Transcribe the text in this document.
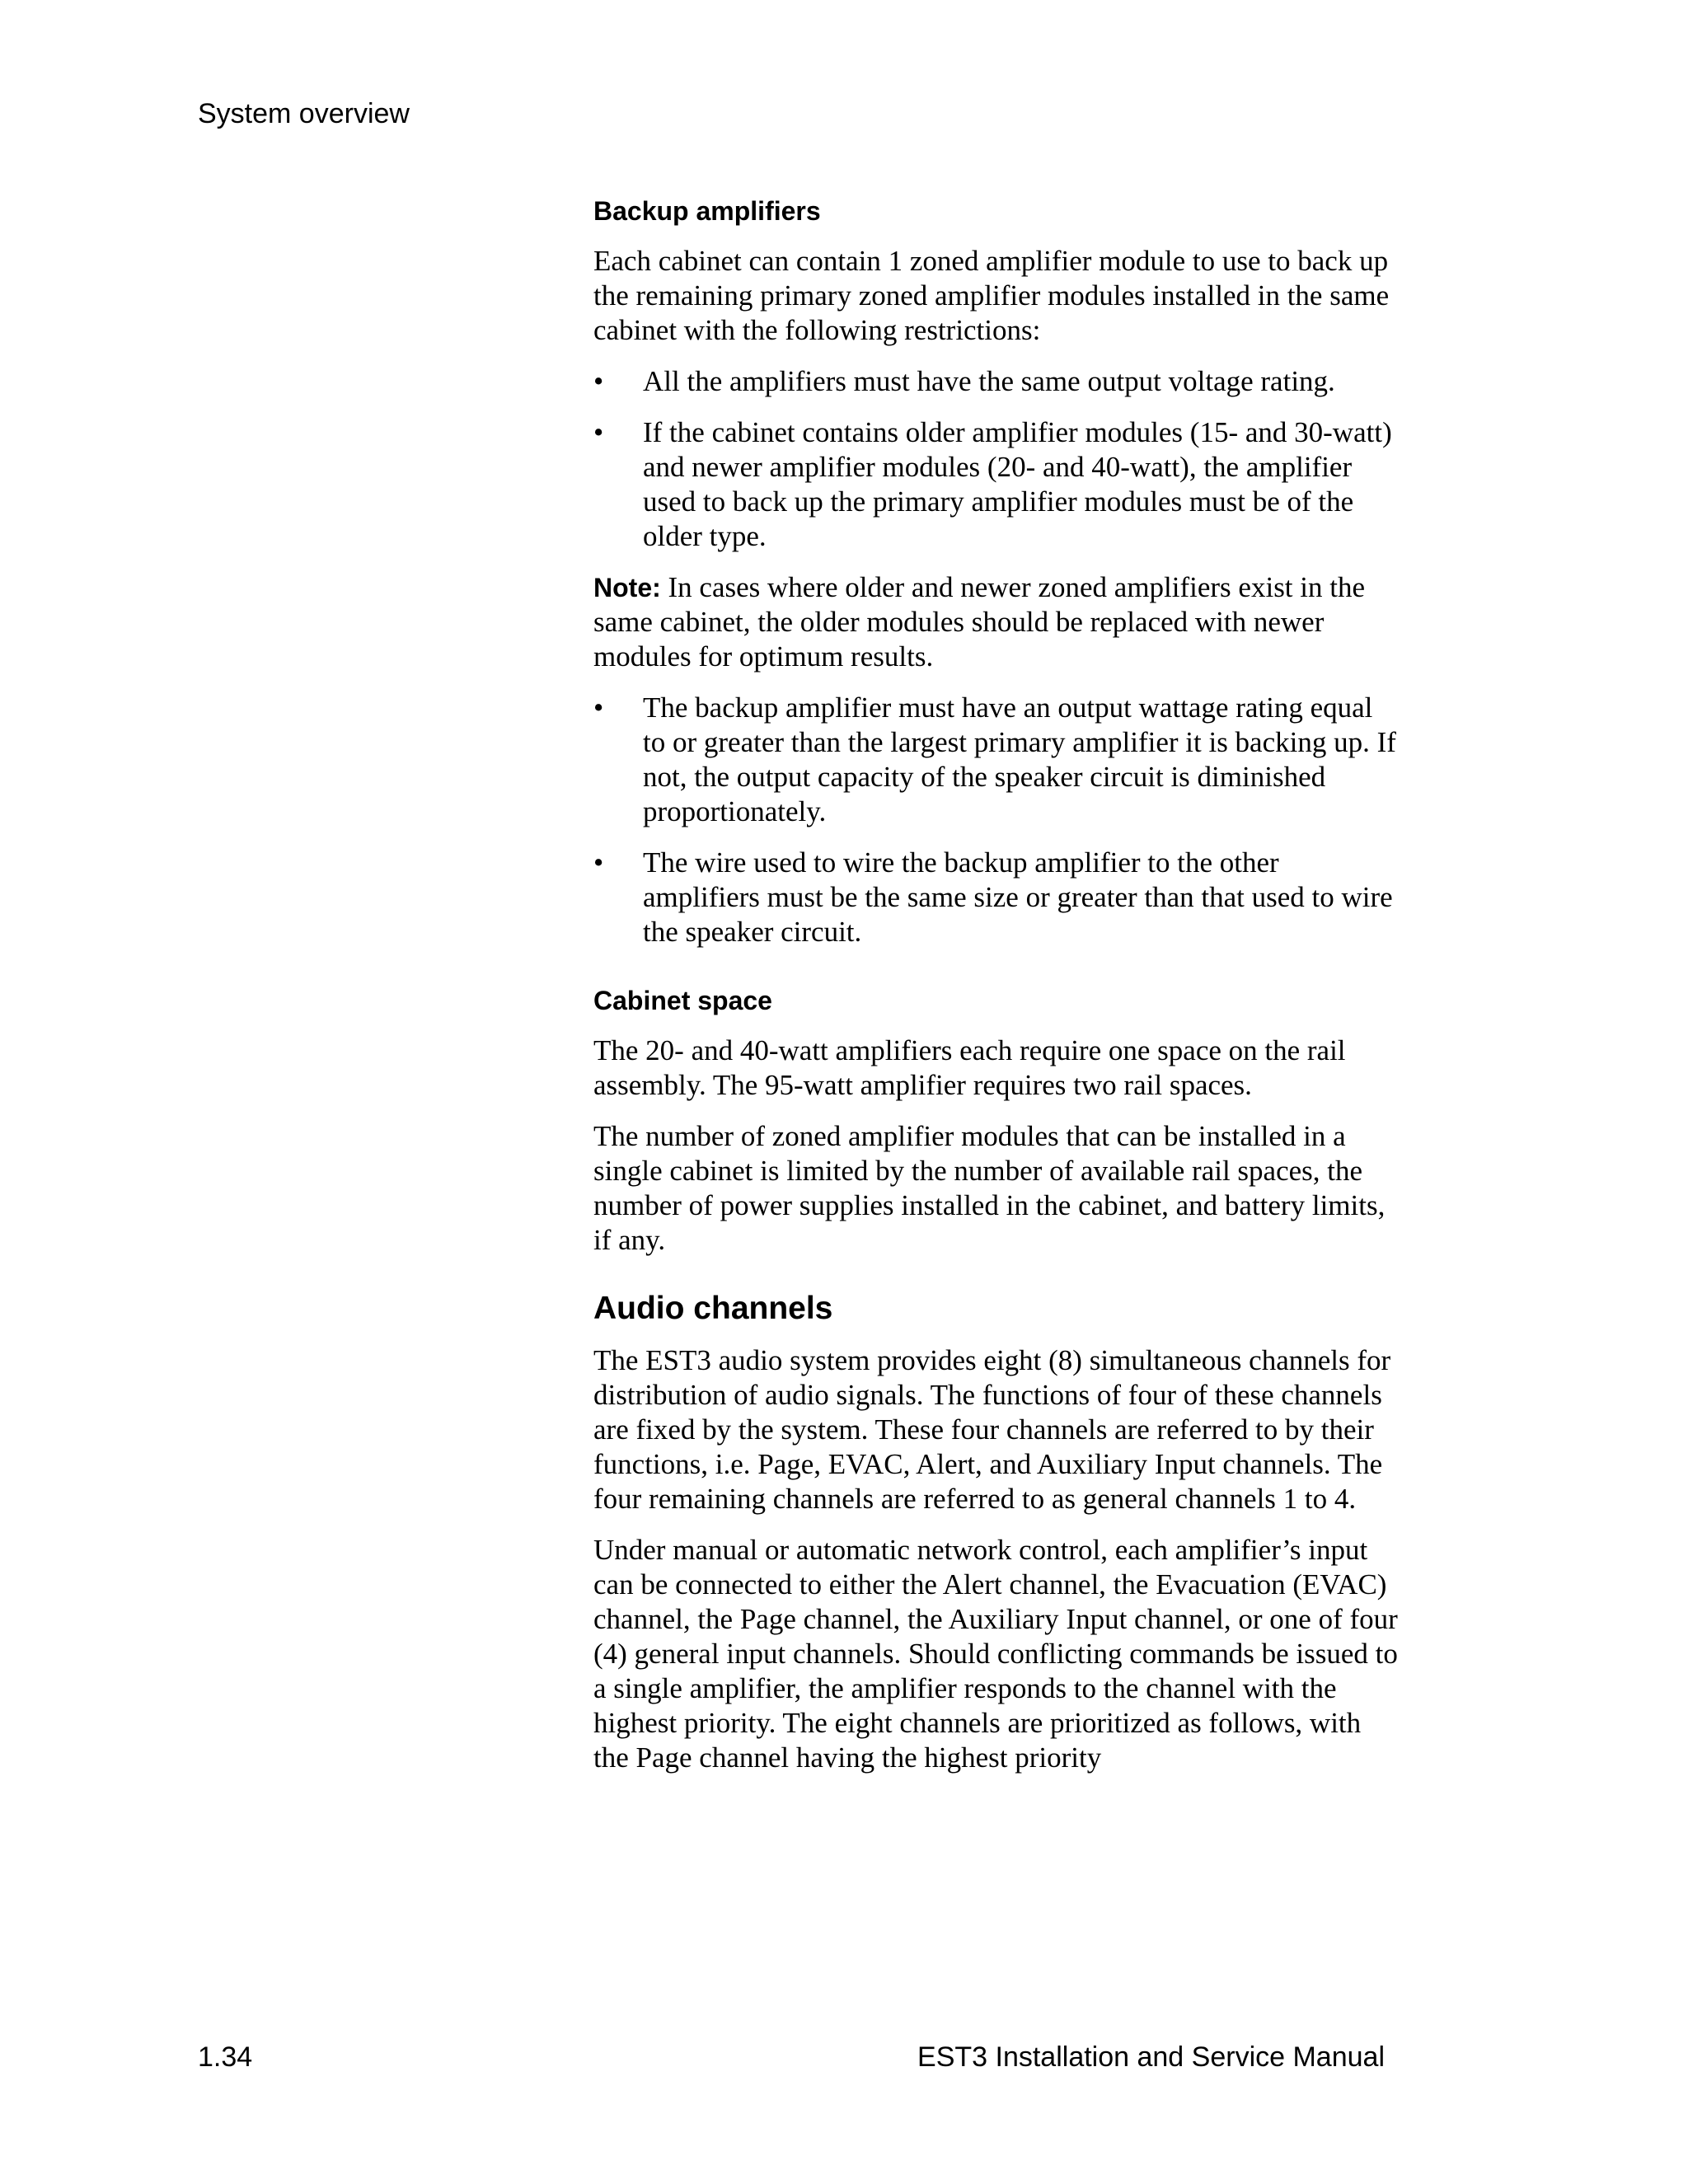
System overview
Backup amplifiers

Each cabinet can contain 1 zoned amplifier module to use to back up the remaining primary zoned amplifier modules installed in the same cabinet with the following restrictions:

• All the amplifiers must have the same output voltage rating.
• If the cabinet contains older amplifier modules (15- and 30-watt) and newer amplifier modules (20- and 40-watt), the amplifier used to back up the primary amplifier modules must be of the older type.

Note: In cases where older and newer zoned amplifiers exist in the same cabinet, the older modules should be replaced with newer modules for optimum results.

• The backup amplifier must have an output wattage rating equal to or greater than the largest primary amplifier it is backing up. If not, the output capacity of the speaker circuit is diminished proportionately.
• The wire used to wire the backup amplifier to the other amplifiers must be the same size or greater than that used to wire the speaker circuit.
Cabinet space

The 20- and 40-watt amplifiers each require one space on the rail assembly. The 95-watt amplifier requires two rail spaces.

The number of zoned amplifier modules that can be installed in a single cabinet is limited by the number of available rail spaces, the number of power supplies installed in the cabinet, and battery limits, if any.

Audio channels

The EST3 audio system provides eight (8) simultaneous channels for distribution of audio signals. The functions of four of these channels are fixed by the system. These four channels are referred to by their functions, i.e. Page, EVAC, Alert, and Auxiliary Input channels. The four remaining channels are referred to as general channels 1 to 4.

Under manual or automatic network control, each amplifier’s input can be connected to either the Alert channel, the Evacuation (EVAC) channel, the Page channel, the Auxiliary Input channel, or one of four (4) general input channels. Should conflicting commands be issued to a single amplifier, the amplifier responds to the channel with the highest priority. The eight channels are prioritized as follows, with the Page channel having the highest priority

1.34	EST3 Installation and Service Manual
